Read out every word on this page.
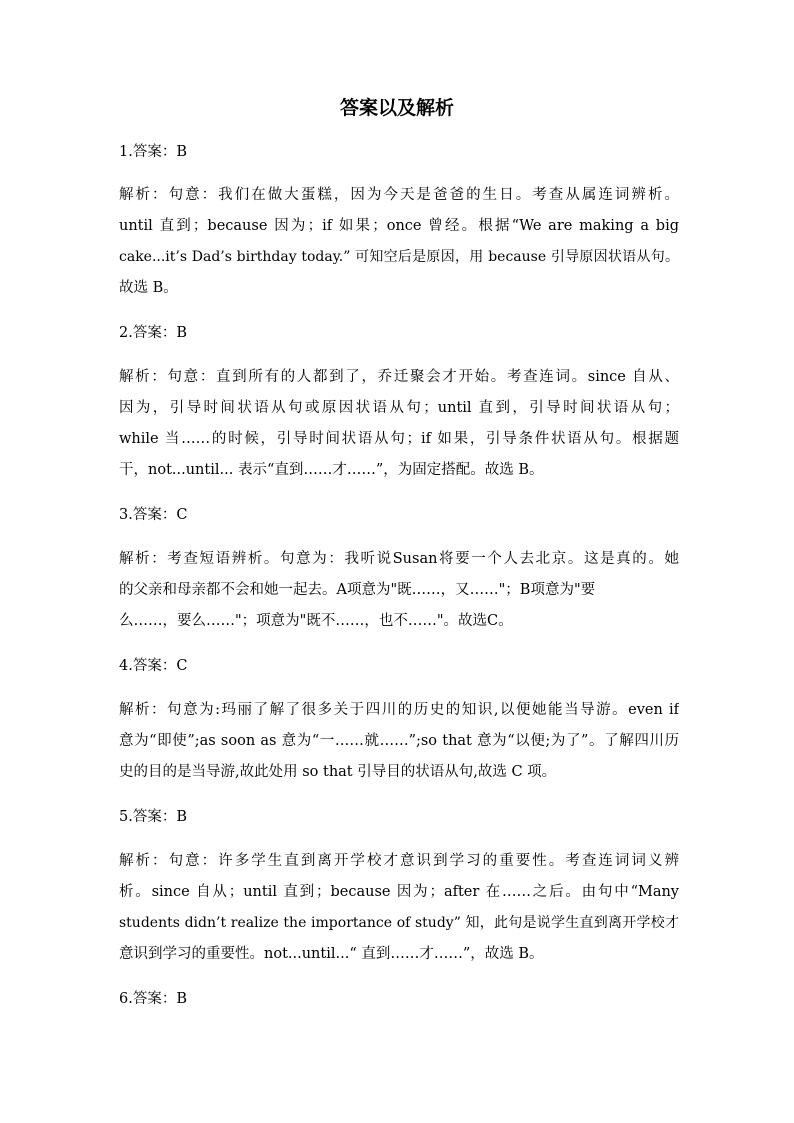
答案以及解析
1.答案：B
解析：句意：我们在做大蛋糕，因为今天是爸爸的生日。考查从属连词辨析。
until 直到；because 因为；if 如果；once 曾经。根据“We are making a big
cake...it’s Dad’s birthday today.” 可知空后是原因，用 because 引导原因状语从句。
故选 B。
2.答案：B
解析：句意：直到所有的人都到了，乔迁聚会才开始。考查连词。since 自从、
因为，引导时间状语从句或原因状语从句；until 直到，引导时间状语从句；
while 当……的时候，引导时间状语从句；if 如果，引导条件状语从句。根据题
干，not...until... 表示“直到……才……”，为固定搭配。故选 B。
3.答案：C
解析：考查短语辨析。句意为：我听说Susan将要一个人去北京。这是真的。她
的父亲和母亲都不会和她一起去。A项意为"既……，又……"；B项意为"要
么……，要么……"；项意为"既不……，也不……"。故选C。
4.答案：C
解析：句意为:玛丽了解了很多关于四川的历史的知识,以便她能当导游。even if
意为“即使”;as soon as 意为“一……就……”;so that 意为“以便;为了”。了解四川历
史的目的是当导游,故此处用 so that 引导目的状语从句,故选 C 项。
5.答案：B
解析：句意：许多学生直到离开学校才意识到学习的重要性。考查连词词义辨
析。since 自从；until 直到；because 因为；after 在……之后。由句中“Many
students didn’t realize the importance of study” 知，此句是说学生直到离开学校才
意识到学习的重要性。not...until...“ 直到……才……”，故选 B。
6.答案：B
